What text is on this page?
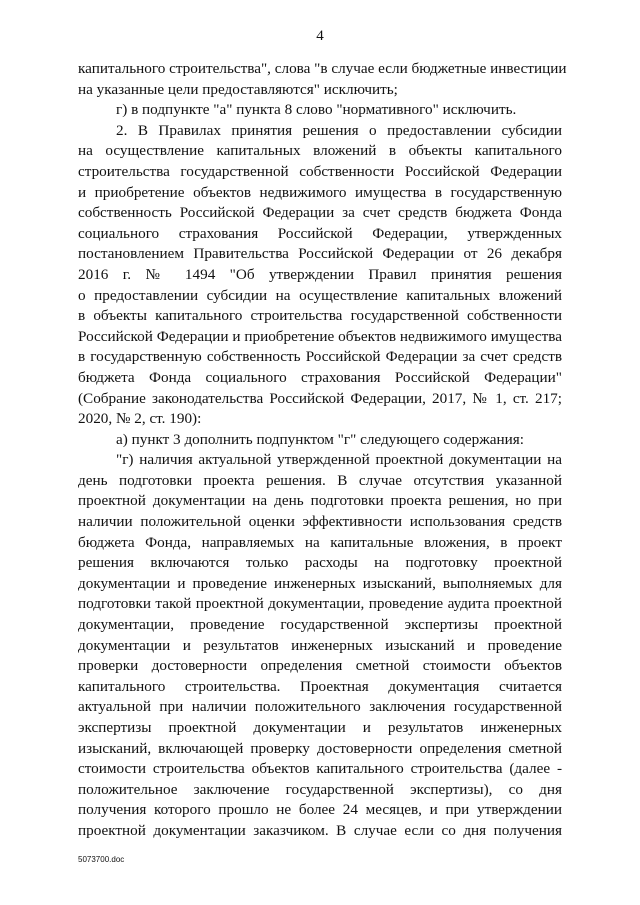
4
капитального строительства", слова "в случае если бюджетные инвестиции
на указанные цели предоставляются" исключить;
г) в подпункте "а" пункта 8 слово "нормативного" исключить.
2. В Правилах принятия решения о предоставлении субсидии
на осуществление капитальных вложений в объекты капитального
строительства государственной собственности Российской Федерации
и приобретение объектов недвижимого имущества в государственную
собственность Российской Федерации за счет средств бюджета Фонда
социального страхования Российской Федерации, утвержденных
постановлением Правительства Российской Федерации от 26 декабря
2016 г. № 1494 "Об утверждении Правил принятия решения
о предоставлении субсидии на осуществление капитальных вложений
в объекты капитального строительства государственной собственности
Российской Федерации и приобретение объектов недвижимого имущества
в государственную собственность Российской Федерации за счет средств
бюджета Фонда социального страхования Российской Федерации"
(Собрание законодательства Российской Федерации, 2017, № 1, ст. 217;
2020, № 2, ст. 190):
а) пункт 3 дополнить подпунктом "г" следующего содержания:
"г) наличия актуальной утвержденной проектной документации на
день подготовки проекта решения. В случае отсутствия указанной
проектной документации на день подготовки проекта решения, но при
наличии положительной оценки эффективности использования средств
бюджета Фонда, направляемых на капитальные вложения, в проект
решения включаются только расходы на подготовку проектной
документации и проведение инженерных изысканий, выполняемых для
подготовки такой проектной документации, проведение аудита проектной
документации, проведение государственной экспертизы проектной
документации и результатов инженерных изысканий и проведение
проверки достоверности определения сметной стоимости объектов
капитального строительства. Проектная документация считается
актуальной при наличии положительного заключения государственной
экспертизы проектной документации и результатов инженерных
изысканий, включающей проверку достоверности определения сметной
стоимости строительства объектов капитального строительства (далее -
положительное заключение государственной экспертизы), со дня
получения которого прошло не более 24 месяцев, и при утверждении
проектной документации заказчиком. В случае если со дня получения
5073700.doc
